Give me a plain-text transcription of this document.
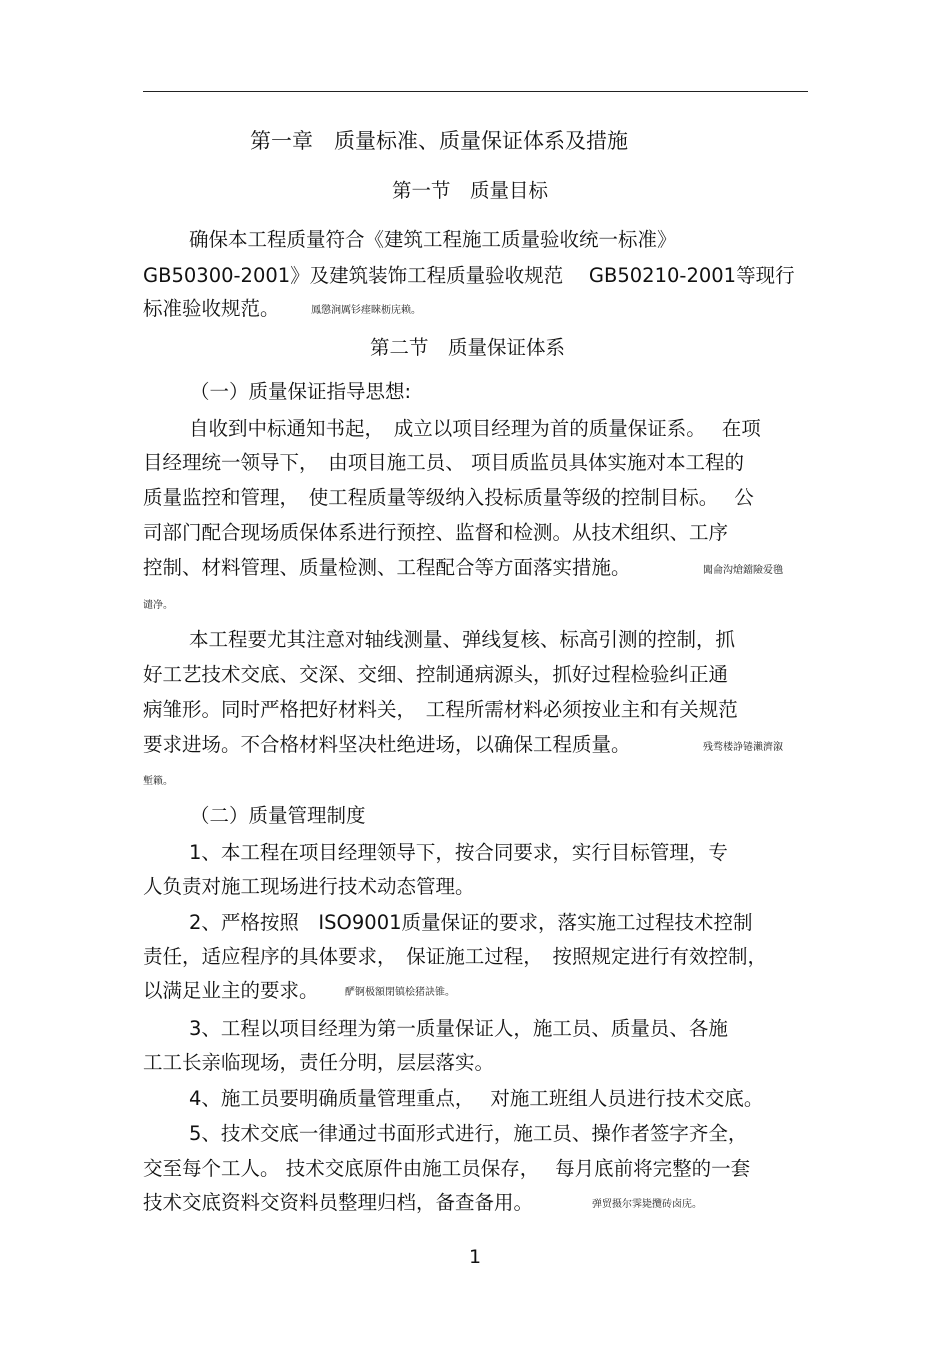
第一章　质量标准、质量保证体系及措施
第一节　质量目标
确保本工程质量符合《建筑工程施工质量验收统一标准》
GB50300-2001》及建筑装饰工程质量验收规范　 GB50210-2001等现行
标准验收规范。	鳳懲涧厲钐瘗睞枥庑赖。
第二节　质量保证体系
（一）质量保证指导思想:
自收到中标通知书起，　成立以项目经理为首的质量保证系。　 在项
目经理统一领导下，　由项目施工员、 项目质监员具体实施对本工程的
质量监控和管理，　使工程质量等级纳入投标质量等级的控制目标。　 公
司部门配合现场质保体系进行预控、监督和检测。从技术组织、工序
控制、材料管理、质量检测、工程配合等方面落实措施。	闖侖沟熗鐺險爱氇
谴净。
本工程要尤其注意对轴线测量、弹线复核、标高引测的控制，抓
好工艺技术交底、交深、交细、控制通病源头，抓好过程检验纠正通
病雏形。同时严格把好材料关，　工程所需材料必须按业主和有关规范
要求进场。不合格材料坚决杜绝进场，以确保工程质量。	残骛楼諍锩瀨濟溆
塹籟。
（二）质量管理制度
1、本工程在项目经理领导下，按合同要求，实行目标管理，专
人负责对施工现场进行技术动态管理。
2、严格按照　ISO9001质量保证的要求，落实施工过程技术控制
责任，适应程序的具体要求，　保证施工过程，　按照规定进行有效控制，
以满足业主的要求。	酽锕极額閉镇桧猪訣锥。
3、工程以项目经理为第一质量保证人，施工员、质量员、各施
工工长亲临现场，责任分明，层层落实。
4、施工员要明确质量管理重点，　 对施工班组人员进行技术交底。
5、技术交底一律通过书面形式进行，施工员、操作者签字齐全，
交至每个工人。 技术交底原件由施工员保存，　 每月底前将完整的一套
技术交底资料交资料员整理归档，备查备用。	弹贸摄尔霁毙攬砖卤庑。
1
